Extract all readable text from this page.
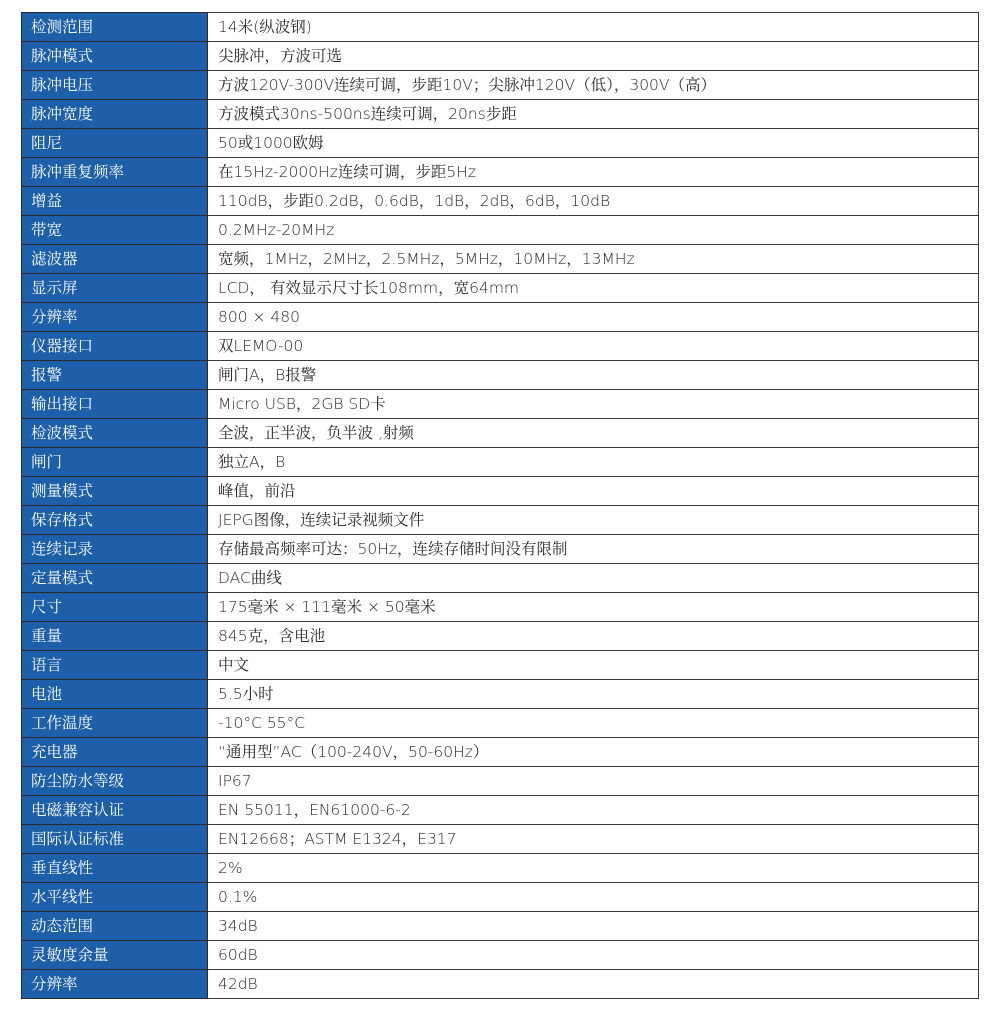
检测范围	14米(纵波钢)
脉冲模式	尖脉冲，方波可选
脉冲电压	方波120V-300V连续可调，步距10V；尖脉冲120V（低），300V（高）
脉冲宽度	方波模式30ns-500ns连续可调，20ns步距
阻尼	50或1000欧姆
脉冲重复频率	在15Hz-2000Hz连续可调，步距5Hz
增益	110dB，步距0.2dB，0.6dB，1dB，2dB，6dB，10dB
带宽	0.2MHz-20MHz
滤波器	宽频，1MHz，2MHz，2.5MHz，5MHz，10MHz，13MHz
显示屏	LCD， 有效显示尺寸长108mm，宽64mm
分辨率	800 × 480
仪器接口	双LEMO-00
报警	闸门A，B报警
输出接口	Micro USB，2GB SD卡
检波模式	全波，正半波，负半波 ,射频
闸门	独立A，B
测量模式	峰值，前沿
保存格式	JEPG图像，连续记录视频文件
连续记录	存储最高频率可达：50Hz，连续存储时间没有限制
定量模式	DAC曲线
尺寸	175毫米 × 111毫米 × 50毫米
重量	845克，含电池
语言	中文
电池	5.5小时
工作温度	-10°C 55°C
充电器	“通用型”AC（100-240V，50-60Hz）
防尘防水等级	IP67
电磁兼容认证	EN 55011，EN61000-6-2
国际认证标准	EN12668；ASTM E1324，E317
垂直线性	2%
水平线性	0.1%
动态范围	34dB
灵敏度余量	60dB
分辨率	42dB
